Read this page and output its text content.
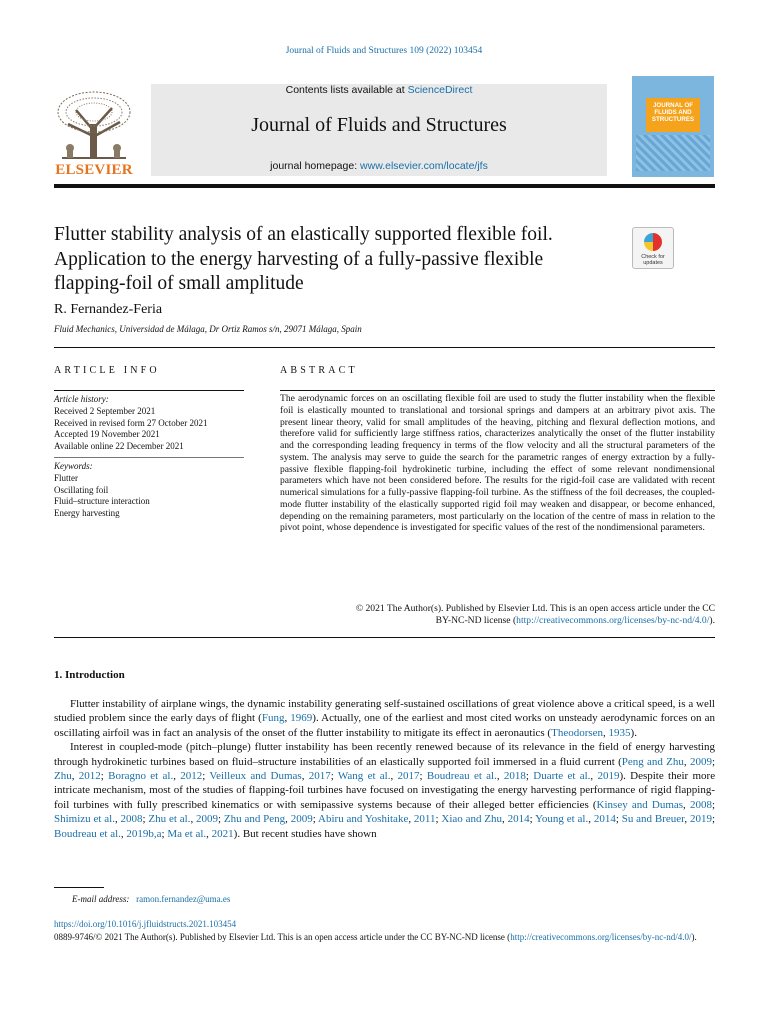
Journal of Fluids and Structures 109 (2022) 103454
ELSEVIER
Contents lists available at ScienceDirect
Journal of Fluids and Structures
journal homepage: www.elsevier.com/locate/jfs
JOURNAL OF FLUIDS AND STRUCTURES
Flutter stability analysis of an elastically supported flexible foil. Application to the energy harvesting of a fully-passive flexible flapping-foil of small amplitude
Check for updates
R. Fernandez-Feria
Fluid Mechanics, Universidad de Málaga, Dr Ortiz Ramos s/n, 29071 Málaga, Spain
ARTICLE INFO	ABSTRACT
Article history:
Received 2 September 2021
Received in revised form 27 October 2021
Accepted 19 November 2021
Available online 22 December 2021
Keywords:
Flutter
Oscillating foil
Fluid–structure interaction
Energy harvesting
The aerodynamic forces on an oscillating flexible foil are used to study the flutter instability when the flexible foil is elastically mounted to translational and torsional springs and dampers at an arbitrary pivot axis. The present linear theory, valid for small amplitudes of the heaving, pitching and flexural deflection motions, and therefore valid for sufficiently large stiffness ratios, characterizes analytically the onset of the flutter instability and the corresponding leading frequency in terms of the flow velocity and all the structural parameters of the system. The analysis may serve to guide the search for the parametric ranges of energy extraction by a fully-passive flexible flapping-foil hydrokinetic turbine, including the effect of some relevant nondimensional parameters which have not been considered before. The results for the rigid-foil case are validated with recent numerical simulations for a fully-passive flapping-foil turbine. As the stiffness of the foil decreases, the coupled-mode flutter instability of the elastically supported rigid foil may weaken and disappear, or become enhanced, depending on the remaining parameters, most particularly on the location of the centre of mass in relation to the pivot point, whose dependence is investigated for specific values of the rest of the nondimensional parameters.
© 2021 The Author(s). Published by Elsevier Ltd. This is an open access article under the CC
BY-NC-ND license (http://creativecommons.org/licenses/by-nc-nd/4.0/).
1. Introduction

Flutter instability of airplane wings, the dynamic instability generating self-sustained oscillations of great violence above a critical speed, is a well studied problem since the early days of flight (Fung, 1969). Actually, one of the earliest and most cited works on unsteady aerodynamic forces on an oscillating airfoil was in fact an analysis of the onset of the flutter instability to mitigate its effect in aeronautics (Theodorsen, 1935).

Interest in coupled-mode (pitch–plunge) flutter instability has been recently renewed because of its relevance in the field of energy harvesting through hydrokinetic turbines based on fluid–structure instabilities of an elastically supported foil immersed in a fluid current (Peng and Zhu, 2009; Zhu, 2012; Boragno et al., 2012; Veilleux and Dumas, 2017; Wang et al., 2017; Boudreau et al., 2018; Duarte et al., 2019). Despite their more intricate mechanism, most of the studies of flapping-foil turbines have focused on investigating the energy harvesting performance of rigid flapping-foil turbines with fully prescribed kinematics or with semipassive systems because of their alleged better efficiencies (Kinsey and Dumas, 2008; Shimizu et al., 2008; Zhu et al., 2009; Zhu and Peng, 2009; Abiru and Yoshitake, 2011; Xiao and Zhu, 2014; Young et al., 2014; Su and Breuer, 2019; Boudreau et al., 2019b,a; Ma et al., 2021). But recent studies have shown

E-mail address: ramon.fernandez@uma.es
https://doi.org/10.1016/j.jfluidstructs.2021.103454
0889-9746/© 2021 The Author(s). Published by Elsevier Ltd. This is an open access article under the CC BY-NC-ND license (http://creativecommons.org/licenses/by-nc-nd/4.0/).
